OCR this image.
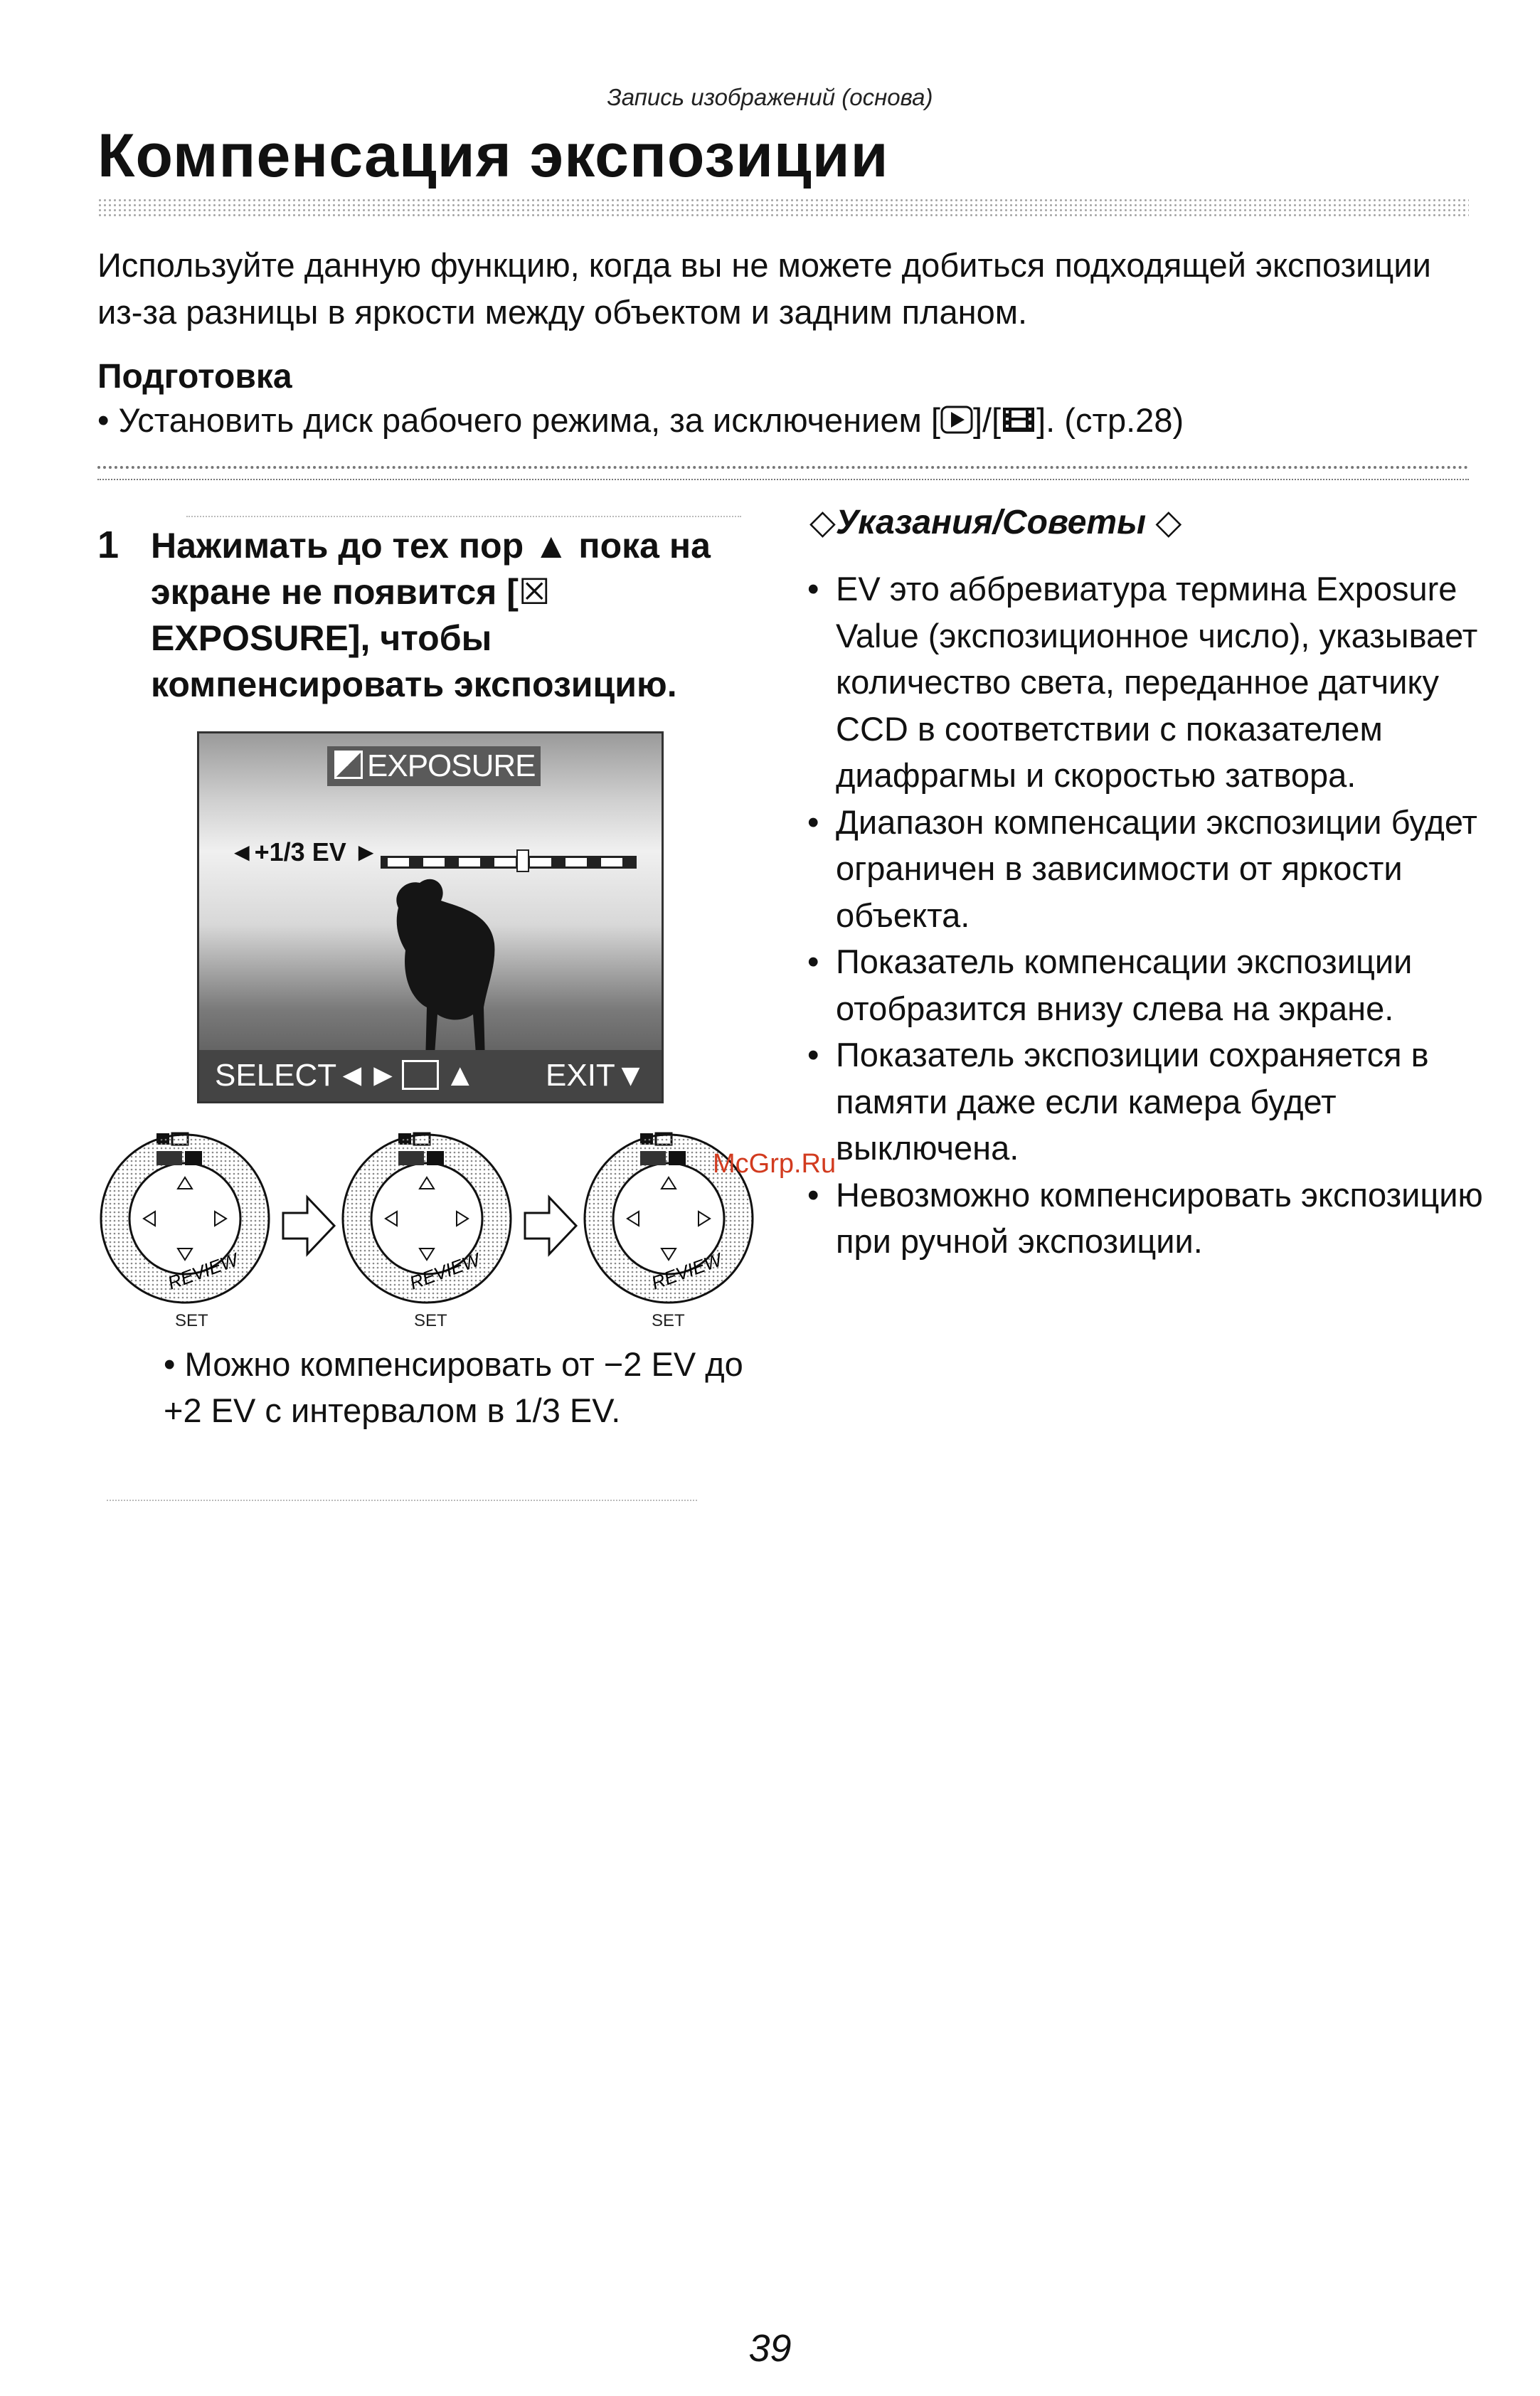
Запись изображений (основа)
Компенсация экспозиции
Используйте данную функцию, когда вы не можете добиться подходящей экспозиции из-за разницы в яркости между объектом и задним планом.
Подготовка
• Установить диск рабочего режима, за исключением [ ]/[ ]. (стр.28)
1 Нажимать до тех пор ▲ пока на экране не появится [☒ EXPOSURE], чтобы компенсировать экспозицию.
EXPOSURE
◄+1/3 EV ►
SELECT◄► ▲ EXIT▼
REVIEW	REVIEW	REVIEW
SET	SET	SET
• Можно компенсировать от −2 EV до +2 EV с интервалом в 1/3 EV.
◇Указания/Советы ◇
• EV это аббревиатура термина Exposure Value (экспозиционное число), указывает количество света, переданное датчику CCD в соответствии с показателем диафрагмы и скоростью затвора.
• Диапазон компенсации экспозиции будет ограничен в зависимости от яркости объекта.
• Показатель компенсации экспозиции отобразится внизу слева на экране.
• Показатель экспозиции сохраняется в памяти даже если камера будет выключена.
• Невозможно компенсировать экспозицию при ручной экспозиции.
McGrp.Ru
39
